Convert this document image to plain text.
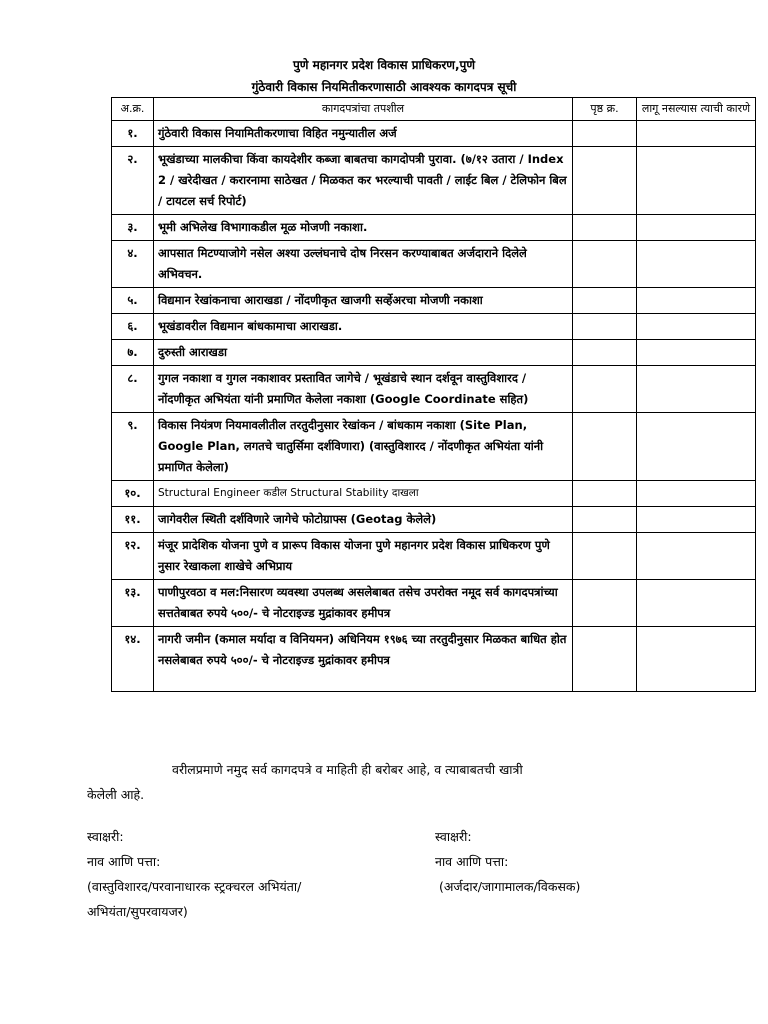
पुणे महानगर प्रदेश विकास प्राधिकरण,पुणे

गुंठेवारी विकास नियमितीकरणासाठी आवश्यक कागदपत्र सूची

अ.क्र.	कागदपत्रांचा तपशील	पृष्ठ क्र.	लागू नसल्यास त्याची कारणे
१.	गुंठेवारी विकास नियामितीकरणाचा विहित नमुन्यातील अर्ज		
२.	भूखंडाच्या मालकीचा किंवा कायदेशीर कब्जा बाबतचा कागदोपत्री पुरावा. (७/१२ उतारा / Index 2 / खरेदीखत / करारनामा साठेखत / मिळकत कर भरल्याची पावती / लाईट बिल / टेलिफोन बिल / टायटल सर्च रिपोर्ट)		
३.	भूमी अभिलेख विभागाकडील मूळ मोजणी नकाशा.		
४.	आपसात मिटण्याजोगे नसेल अश्या उल्लंघनाचे दोष निरसन करण्याबाबत अर्जदाराने दिलेले अभिवचन.		
५.	विद्यमान रेखांकनाचा आराखडा / नोंदणीकृत खाजगी सर्व्हेअरचा मोजणी नकाशा		
६.	भूखंडावरील विद्यमान बांधकामाचा आराखडा.		
७.	दुरुस्ती आराखडा		
८.	गुगल नकाशा व गुगल नकाशावर प्रस्तावित जागेचे / भूखंडाचे स्थान दर्शवून वास्तुविशारद / नोंदणीकृत अभियंता यांनी प्रमाणित केलेला नकाशा (Google Coordinate सहित)		
९.	विकास नियंत्रण नियमावलीतील तरतुदीनुसार रेखांकन / बांधकाम नकाशा (Site Plan, Google Plan, लगतचे चातुर्सिमा दर्शविणारा) (वास्तुविशारद / नोंदणीकृत अभियंता यांनी प्रमाणित केलेला)		
१०.	Structural Engineer कडील Structural Stability दाखला		
११.	जागेवरील स्थिती दर्शविणारे जागेचे फोटोग्राफ्स (Geotag केलेले)		
१२.	मंजूर प्रादेशिक योजना पुणे व प्रारूप विकास योजना पुणे महानगर प्रदेश विकास प्राधिकरण पुणे नुसार रेखाकला शाखेचे अभिप्राय		
१३.	पाणीपुरवठा व मल:निसारण व्यवस्था उपलब्ध असलेबाबत तसेच उपरोक्त नमूद सर्व कागदपत्रांच्या सत्ततेबाबत रुपये ५००/- चे नोटराइज्ड मुद्रांकावर हमीपत्र		
१४.	नागरी जमीन (कमाल मर्यादा व विनियमन) अधिनियम १९७६ च्या तरतुदीनुसार मिळकत बाधित होत नसलेबाबत रुपये ५००/- चे नोटराइज्ड मुद्रांकावर हमीपत्र		
वरीलप्रमाणे नमुद सर्व कागदपत्रे व माहिती ही बरोबर आहे, व त्याबाबतची खात्री
केलेली आहे.
स्वाक्षरी:
नाव आणि पत्ता:
(वास्तुविशारद/परवानाधारक स्ट्रक्चरल अभियंता/
अभियंता/सुपरवायजर)
स्वाक्षरी:
नाव आणि पत्ता:
(अर्जदार/जागामालक/विकसक)
